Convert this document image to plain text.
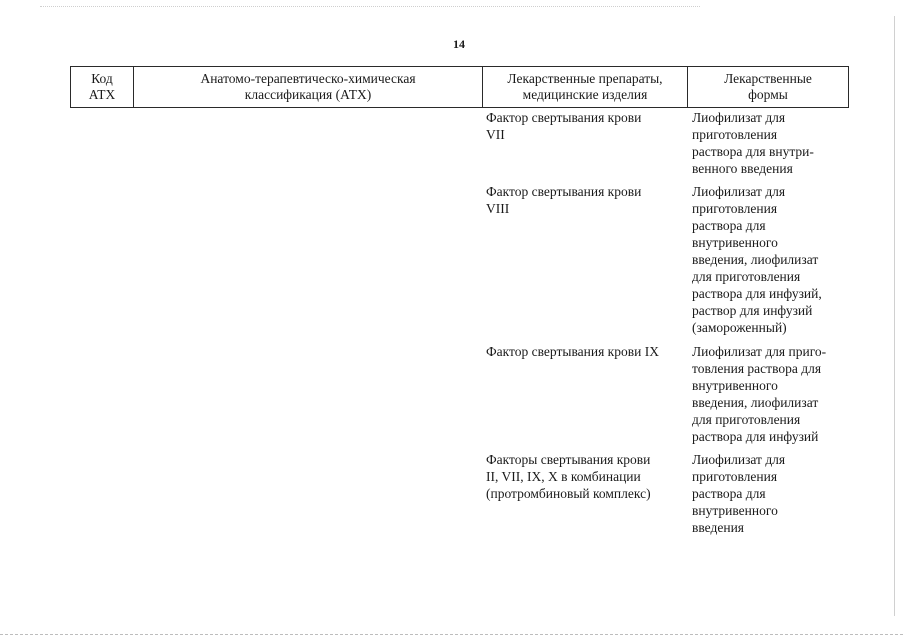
14
Код
АТХ
Анатомо-терапевтическо-химическая
классификация (АТХ)
Лекарственные препараты,
медицинские изделия
Лекарственные
формы
Фактор свертывания крови
VII
Лиофилизат для
приготовления
раствора для внутри-
венного введения
Фактор свертывания крови
VIII
Лиофилизат для
приготовления
раствора для
внутривенного
введения, лиофилизат
для приготовления
раствора для инфузий,
раствор для инфузий
(замороженный)
Фактор свертывания крови IX	Лиофилизат для приго-
товления раствора для
внутривенного
введения, лиофилизат
для приготовления
раствора для инфузий
Факторы свертывания крови
II, VII, IX, X в комбинации
(протромбиновый комплекс)
Лиофилизат для
приготовления
раствора для
внутривенного
введения
